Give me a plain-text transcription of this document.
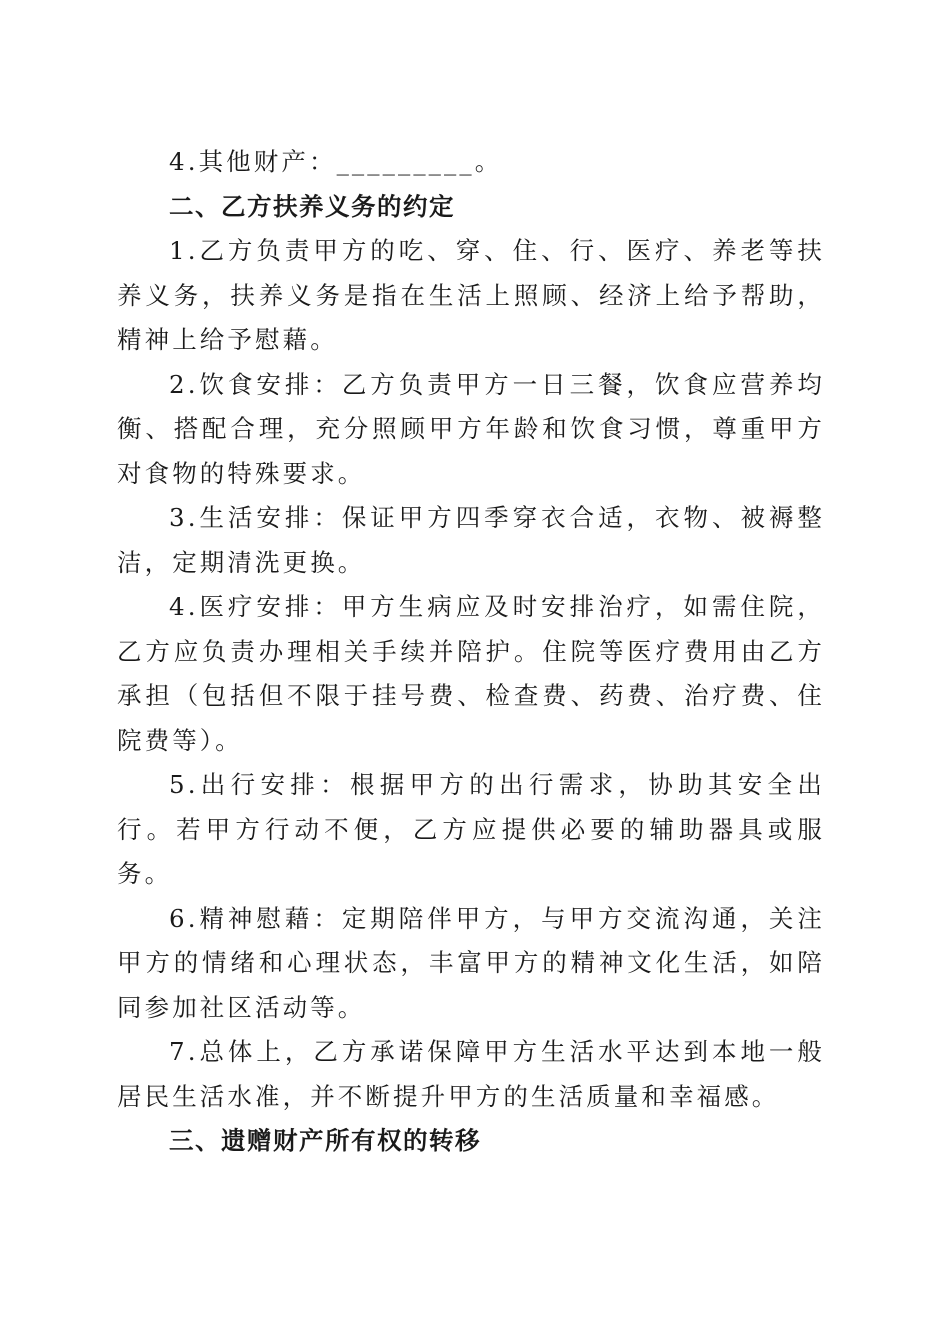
4.其他财产：_________。

二、乙方扶养义务的约定

1.乙方负责甲方的吃、穿、住、行、医疗、养老等扶养义务，扶养义务是指在生活上照顾、经济上给予帮助，精神上给予慰藉。

2.饮食安排：乙方负责甲方一日三餐，饮食应营养均衡、搭配合理，充分照顾甲方年龄和饮食习惯，尊重甲方对食物的特殊要求。

3.生活安排：保证甲方四季穿衣合适，衣物、被褥整洁，定期清洗更换。

4.医疗安排：甲方生病应及时安排治疗，如需住院，乙方应负责办理相关手续并陪护。住院等医疗费用由乙方承担（包括但不限于挂号费、检查费、药费、治疗费、住院费等）。

5.出行安排：根据甲方的出行需求，协助其安全出行。若甲方行动不便，乙方应提供必要的辅助器具或服务。

6.精神慰藉：定期陪伴甲方，与甲方交流沟通，关注甲方的情绪和心理状态，丰富甲方的精神文化生活，如陪同参加社区活动等。

7.总体上，乙方承诺保障甲方生活水平达到本地一般居民生活水准，并不断提升甲方的生活质量和幸福感。

三、遗赠财产所有权的转移
